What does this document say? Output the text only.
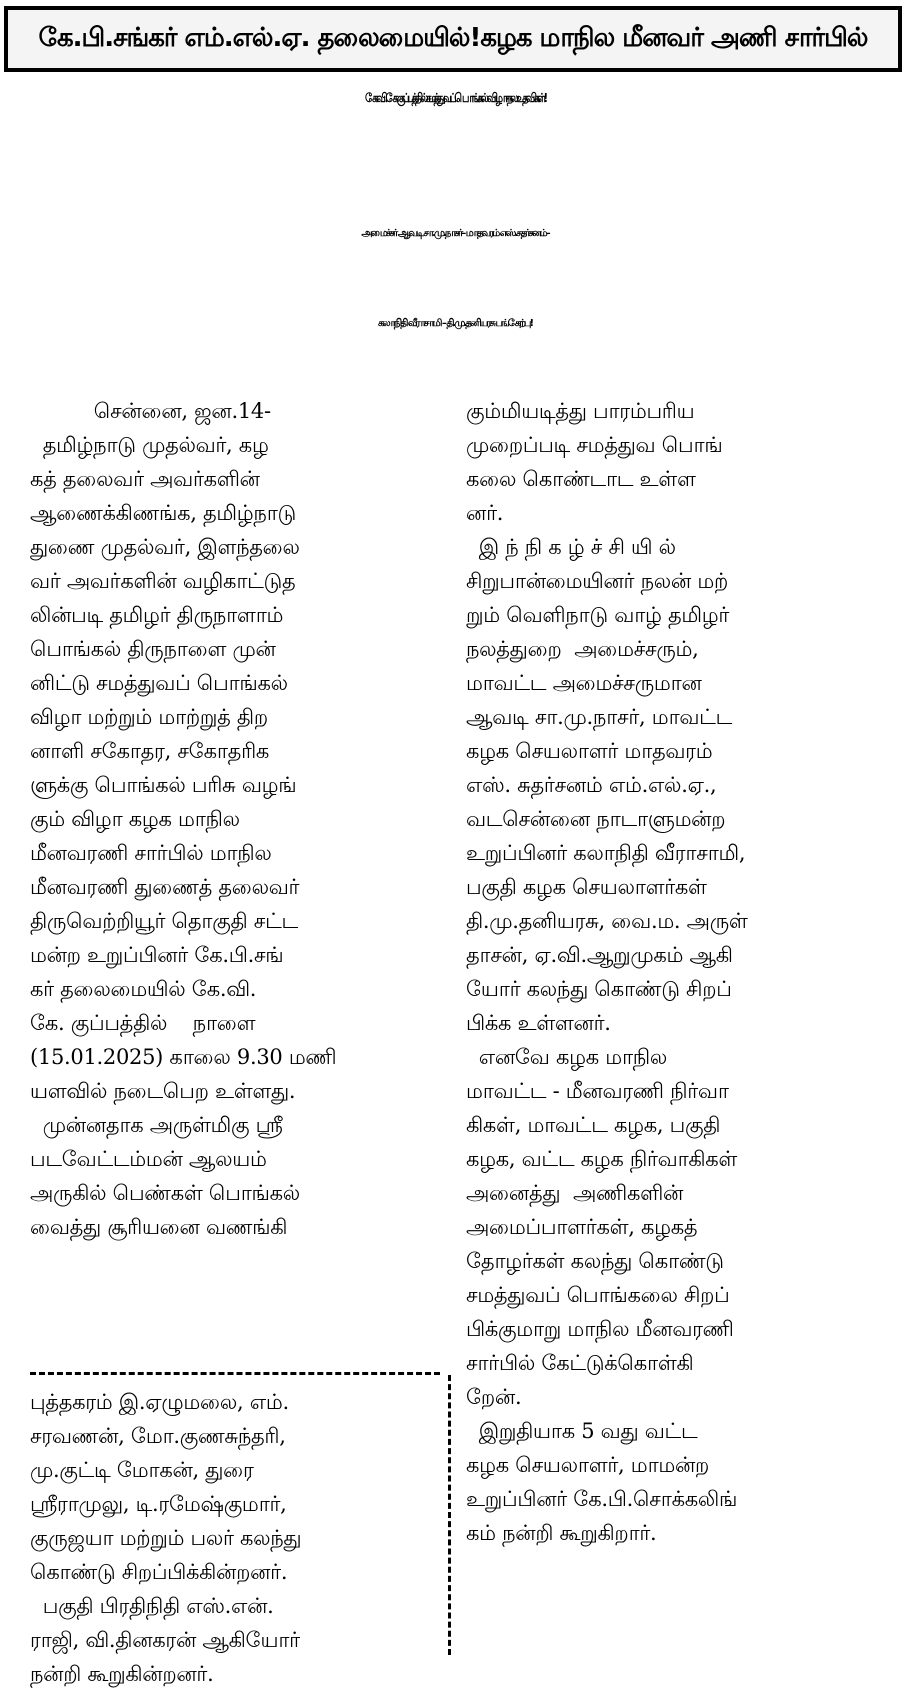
கே.பி.சங்கர் எம்.எல்.ஏ. தலைமையில்!கழக மாநில மீனவர் அணி சார்பில்
கே.வி.கே.குப்பத்தில் சமத்துவப் பொங்கல் விழா- நல உதவிகள்!
அமைச்சர் ஆவடி சா.மு.நாசர்– மாதவரம் எஸ்.சுதர்சனம்–
கலாநிதி வீராசாமி – தி.மு.தனியரசு பங்கேற்பு!
சென்னை, ஜன.14-
தமிழ்நாடு முதல்வர், கழ
கத் தலைவர் அவர்களின்
ஆணைக்கிணங்க, தமிழ்நாடு
துணை முதல்வர், இளந்தலை
வர் அவர்களின் வழிகாட்டுத
லின்படி தமிழர் திருநாளாம்
பொங்கல் திருநாளை முன்
னிட்டு சமத்துவப் பொங்கல்
விழா மற்றும் மாற்றுத் திற
னாளி சகோதர, சகோதரிக
ளுக்கு பொங்கல் பரிசு வழங்
கும் விழா கழக மாநில
மீனவரணி சார்பில் மாநில
மீனவரணி துணைத் தலைவர்
திருவெற்றியூர் தொகுதி சட்ட
மன்ற உறுப்பினர் கே.பி.சங்
கர் தலைமையில் கே.வி.
கே. குப்பத்தில்    நாளை
(15.01.2025) காலை 9.30 மணி
யளவில் நடைபெற உள்ளது.
முன்னதாக அருள்மிகு ஸ்ரீ
படவேட்டம்மன் ஆலயம்
அருகில் பெண்கள் பொங்கல்
வைத்து சூரியனை வணங்கி
புத்தகரம் இ.ஏழுமலை, எம்.
சரவணன், மோ.குணசுந்தரி,
மு.குட்டி மோகன், துரை
ஸ்ரீராமுலு, டி.ரமேஷ்குமார்,
குருஜயா மற்றும் பலர் கலந்து
கொண்டு சிறப்பிக்கின்றனர்.
பகுதி பிரதிநிதி எஸ்.என்.
ராஜி, வி.தினகரன் ஆகியோர்
நன்றி கூறுகின்றனர்.
கும்மியடித்து பாரம்பரிய
முறைப்படி சமத்துவ பொங்
கலை கொண்டாட உள்ள
னர்.
இ ந் நி க ழ் ச் சி யி ல்
சிறுபான்மையினர் நலன் மற்
றும் வெளிநாடு வாழ் தமிழர்
நலத்துறை  அமைச்சரும்,
மாவட்ட அமைச்சருமான
ஆவடி சா.மு.நாசர், மாவட்ட
கழக செயலாளர் மாதவரம்
எஸ். சுதர்சனம் எம்.எல்.ஏ.,
வடசென்னை நாடாளுமன்ற
உறுப்பினர் கலாநிதி வீராசாமி,
பகுதி கழக செயலாளர்கள்
தி.மு.தனியரசு, வை.ம. அருள்
தாசன், ஏ.வி.ஆறுமுகம் ஆகி
யோர் கலந்து கொண்டு சிறப்
பிக்க உள்ளனர்.
எனவே கழக மாநில
மாவட்ட - மீனவரணி நிர்வா
கிகள், மாவட்ட கழக, பகுதி
கழக, வட்ட கழக நிர்வாகிகள்
அனைத்து  அணிகளின்
அமைப்பாளர்கள், கழகத்
தோழர்கள் கலந்து கொண்டு
சமத்துவப் பொங்கலை சிறப்
பிக்குமாறு மாநில மீனவரணி
சார்பில் கேட்டுக்கொள்கி
றேன்.
இறுதியாக 5 வது வட்ட
கழக செயலாளர், மாமன்ற
உறுப்பினர் கே.பி.சொக்கலிங்
கம் நன்றி கூறுகிறார்.
